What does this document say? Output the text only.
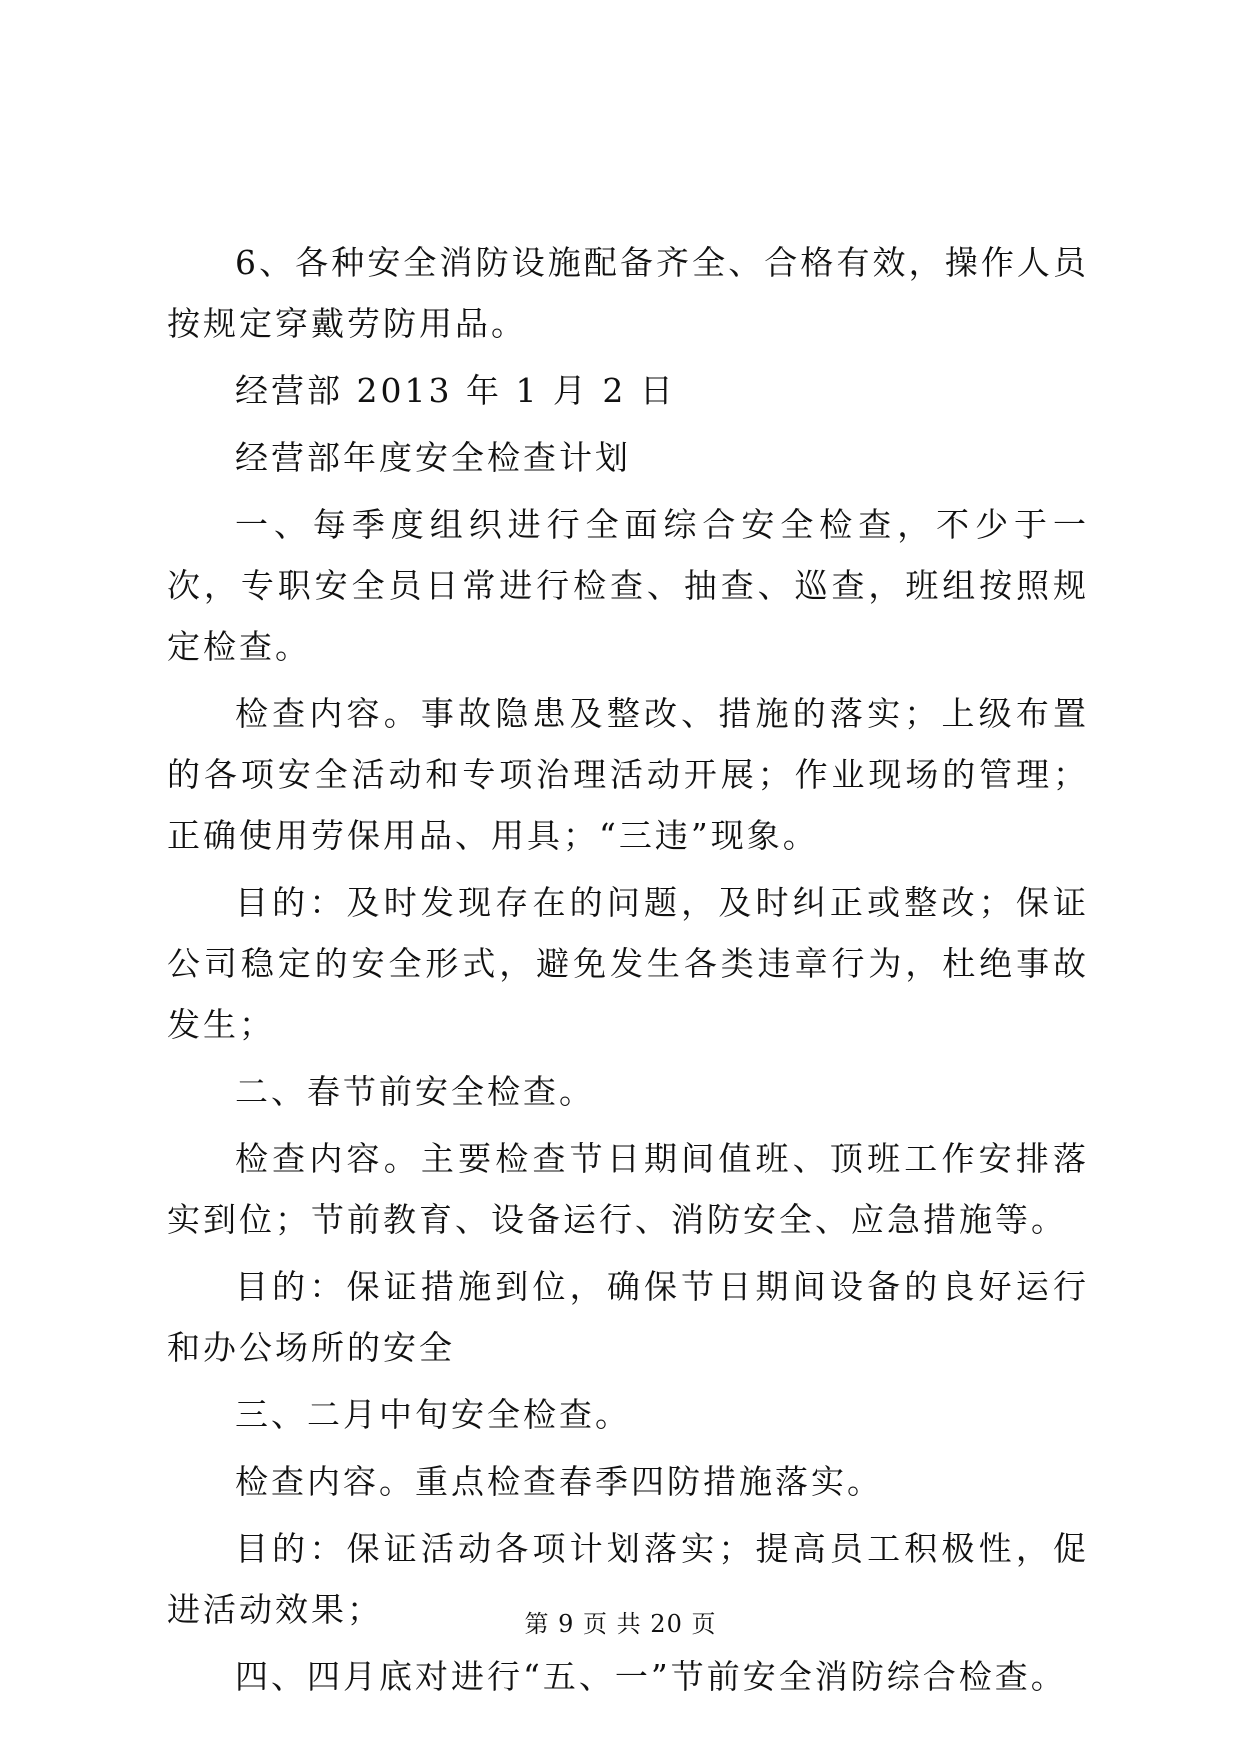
6、各种安全消防设施配备齐全、合格有效，操作人员按规定穿戴劳防用品。

经营部 2013 年 1 月 2 日

经营部年度安全检查计划

一、每季度组织进行全面综合安全检查，不少于一次，专职安全员日常进行检查、抽查、巡查，班组按照规定检查。

检查内容。事故隐患及整改、措施的落实；上级布置的各项安全活动和专项治理活动开展；作业现场的管理；正确使用劳保用品、用具；“三违”现象。

目的：及时发现存在的问题，及时纠正或整改；保证公司稳定的安全形式，避免发生各类违章行为，杜绝事故发生；

二、春节前安全检查。

检查内容。主要检查节日期间值班、顶班工作安排落实到位；节前教育、设备运行、消防安全、应急措施等。

目的：保证措施到位，确保节日期间设备的良好运行和办公场所的安全

三、二月中旬安全检查。

检查内容。重点检查春季四防措施落实。

目的：保证活动各项计划落实；提高员工积极性，促进活动效果；

四、四月底对进行“五、一”节前安全消防综合检查。

第 9 页 共 20 页
